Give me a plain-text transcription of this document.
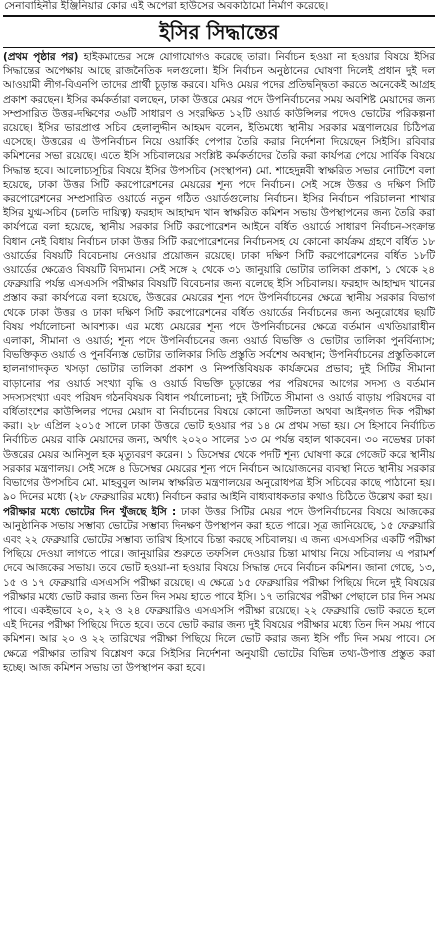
সেনাবাহিনীর ইঞ্জিনিয়ার কোর এই অপেরা হাউসের অবকাঠামো নির্মাণ করেছে।
ইসির সিদ্ধান্তের

(প্রথম পৃষ্ঠার পর) হাইকমান্ডের সঙ্গে যোগাযোগও করেছে তারা। নির্বাচন হওয়া না হওয়ার বিষয়ে ইসির সিদ্ধান্তের অপেক্ষায় আছে রাজনৈতিক দলগুলো। ইসি নির্বাচন অনুষ্ঠানের ঘোষণা দিলেই প্রধান দুই দল আওয়ামী লীগ-বিএনপি তাদের প্রার্থী চূড়ান্ত করবে। যদিও মেয়র পদের প্রতিদ্বন্দ্বিতা করতে অনেকেই আগ্রহ প্রকাশ করছেন। ইসির কর্মকর্তারা বলছেন, ঢাকা উত্তরে মেয়র পদে উপনির্বাচনের সময় অবশিষ্ট মেয়াদের জন্য সম্প্রসারিত উত্তর-দক্ষিণের ৩৬টি সাধারণ ও সংরক্ষিত ১২টি ওয়ার্ড কাউন্সিলর পদেও ভোটের পরিকল্পনা রয়েছে। ইসির ভারপ্রাপ্ত সচিব হেলালুদ্দীন আহমদ বলেন, ইতিমধ্যে স্থানীয় সরকার মন্ত্রণালয়ের চিঠিপত্র এসেছে। উত্তরের এ উপনির্বাচন নিয়ে ওয়ার্কিং পেপার তৈরি করার নির্দেশনা দিয়েছেন সিইসি। রবিবার কমিশনের সভা রয়েছে। এতে ইসি সচিবালয়ের সংশ্লিষ্ট কর্মকর্তাদের তৈরি করা কার্যপত্র পেয়ে সার্বিক বিষয়ে সিদ্ধান্ত হবে। আলোচ্যসূচির বিষয়ে ইসির উপসচিব (সংস্থাপন) মো. শাহেদুন্নবী স্বাক্ষরিত সভার নোটিশে বলা হয়েছে, ঢাকা উত্তর সিটি করপোরেশনের মেয়রের শূন্য পদে নির্বাচন। সেই সঙ্গে উত্তর ও দক্ষিণ সিটি করপোরেশনের সম্প্রসারিত ওয়ার্ডে নতুন গঠিত ওয়ার্ডগুলোয় নির্বাচন। ইসির নির্বাচন পরিচালনা শাখার ইসির যুগ্ম-সচিব (চলতি দায়িত্ব) ফরহাদ আহাম্মদ খান স্বাক্ষরিত কমিশন সভায় উপস্থাপনের জন্য তৈরি করা কার্যপত্রে বলা হয়েছে, স্থানীয় সরকার সিটি করপোরেশন আইনে বর্ধিত ওয়ার্ডে সাধারণ নির্বাচন-সংক্রান্ত বিধান নেই বিধায় নির্বাচন ঢাকা উত্তর সিটি করপোরেশনের নির্বাচনসহ যে কোনো কার্যক্রম গ্রহণে বর্ধিত ১৮ ওয়ার্ডের বিষয়টি বিবেচনায় নেওয়ার প্রয়োজন রয়েছে। ঢাকা দক্ষিণ সিটি করপোরেশনের বর্ধিত ১৮টি ওয়ার্ডের ক্ষেত্রেও বিষয়টি বিদ্যমান। সেই সঙ্গে ২ থেকে ৩১ জানুয়ারি ভোটার তালিকা প্রকাশ, ১ থেকে ২৪ ফেব্রুয়ারি পর্যন্ত এসএসসি পরীক্ষার বিষয়টি বিবেচনার জন্য বলেছে ইসি সচিবালয়। ফরহাদ আহাম্মদ খানের প্রস্তাব করা কার্যপত্রে বলা হয়েছে, উত্তরের মেয়রের শূন্য পদে উপনির্বাচনের ক্ষেত্রে স্থানীয় সরকার বিভাগ থেকে ঢাকা উত্তর ও ঢাকা দক্ষিণ সিটি করপোরেশনের বর্ধিত ওয়ার্ডের নির্বাচনের জন্য অনুরোধের ছয়টি বিষয় পর্যালোচনা আবশ্যক। এর মধ্যে মেয়রের শূন্য পদে উপনির্বাচনের ক্ষেত্রে বর্তমান এখতিয়ারাধীন এলাকা, সীমানা ও ওয়ার্ড; শূন্য পদে উপনির্বাচনের জন্য ওয়ার্ড বিভক্তি ও ভোটার তালিকা পুনর্বিন্যাস; বিভক্তিকৃত ওয়ার্ড ও পুনর্বিন্যস্ত ভোটার তালিকার সিডি প্রস্তুতি সর্বশেষ অবস্থান; উপনির্বাচনের প্রস্তুতিকালে হালনাগাদকৃত খসড়া ভোটার তালিকা প্রকাশ ও নিষ্পত্তিবিষয়ক কার্যক্রমের প্রভাব; দুই সিটির সীমানা বাড়ানোর পর ওয়ার্ড সংখ্যা বৃদ্ধি ও ওয়ার্ড বিভক্তি চূড়ান্তের পর পরিষদের আগের সদস্য ও বর্তমান সদস্যসংখ্যা এবং পরিষদ গঠনবিষয়ক বিধান পর্যালোচনা; দুই সিটিতে সীমানা ও ওয়ার্ড বাড়ায় পরিষদের বা বর্ধিতাংশের কাউন্সিলর পদের মেয়াদ বা নির্বাচনের বিষয়ে কোনো জটিলতা অথবা আইনগত দিক পরীক্ষা করা। ২৮ এপ্রিল ২০১৫ সালে ঢাকা উত্তরে ভোট হওয়ার পর ১৪ মে প্রথম সভা হয়। সে হিসাবে নির্বাচিত নির্বাচিত মেয়র বাকি মেয়াদের জন্য, অর্থাৎ ২০২০ সালের ১৩ মে পর্যন্ত বহাল থাকবেন। ৩০ নভেম্বর ঢাকা উত্তরের মেয়র আনিসুল হক মৃত্যুবরণ করেন। ১ ডিসেম্বর থেকে পদটি শূন্য ঘোষণা করে গেজেট করে স্থানীয় সরকার মন্ত্রণালয়। সেই সঙ্গে ৪ ডিসেম্বর মেয়রের শূন্য পদে নির্বাচন আয়োজনের ব্যবস্থা নিতে স্থানীয় সরকার বিভাগের উপসচিব মো. মাহবুবুল আলম স্বাক্ষরিত মন্ত্রণালয়ের অনুরোধপত্র ইসি সচিবের কাছে পাঠানো হয়। ৯০ দিনের মধ্যে (২৮ ফেব্রুয়ারির মধ্যে) নির্বাচন করার আইনি বাধ্যবাধকতার কথাও চিঠিতে উল্লেখ করা হয়।

পরীক্ষার মধ্যে ভোটের দিন খুঁজছে ইসি : ঢাকা উত্তর সিটির মেয়র পদে উপনির্বাচনের বিষয়ে আজকের আনুষ্ঠানিক সভায় সম্ভাব্য ভোটের সম্ভাব্য দিনক্ষণ উপস্থাপন করা হতে পারে। সূত্র জানিয়েছে, ১৫ ফেব্রুয়ারি এবং ২২ ফেব্রুয়ারি ভোটের সম্ভাব্য তারিখ হিসাবে চিন্তা করছে সচিবালয়। এ জন্য এসএসসির একটি পরীক্ষা পিছিয়ে দেওয়া লাগতে পারে। জানুয়ারির শুরুতে তফসিল দেওয়ার চিন্তা মাথায় নিয়ে সচিবালয় এ পরামর্শ দেবে আজকের সভায়। তবে ভোট হওয়া-না হওয়ার বিষয়ে সিদ্ধান্ত দেবে নির্বাচন কমিশন। জানা গেছে, ১৩, ১৫ ও ১৭ ফেব্রুয়ারি এসএসসি পরীক্ষা রয়েছে। এ ক্ষেত্রে ১৫ ফেব্রুয়ারির পরীক্ষা পিছিয়ে দিলে দুই বিষয়ের পরীক্ষার মধ্যে ভোট করার জন্য তিন দিন সময় হাতে পাবে ইসি। ১৭ তারিখের পরীক্ষা পেছালে চার দিন সময় পাবে। একইভাবে ২০, ২২ ও ২৪ ফেব্রুয়ারিও এসএসসি পরীক্ষা রয়েছে। ২২ ফেব্রুয়ারি ভোট করতে হলে এই দিনের পরীক্ষা পিছিয়ে দিতে হবে। তবে ভোট করার জন্য দুই বিষয়ের পরীক্ষার মধ্যে তিন দিন সময় পাবে কমিশন। আর ২০ ও ২২ তারিখের পরীক্ষা পিছিয়ে দিলে ভোট করার জন্য ইসি পাঁচ দিন সময় পাবে। সে ক্ষেত্রে পরীক্ষার তারিখ বিশ্লেষণ করে সিইসির নির্দেশনা অনুযায়ী ভোটের বিভিন্ন তথ্য-উপাত্ত প্রস্তুত করা হচ্ছে। আজ কমিশন সভায় তা উপস্থাপন করা হবে।
